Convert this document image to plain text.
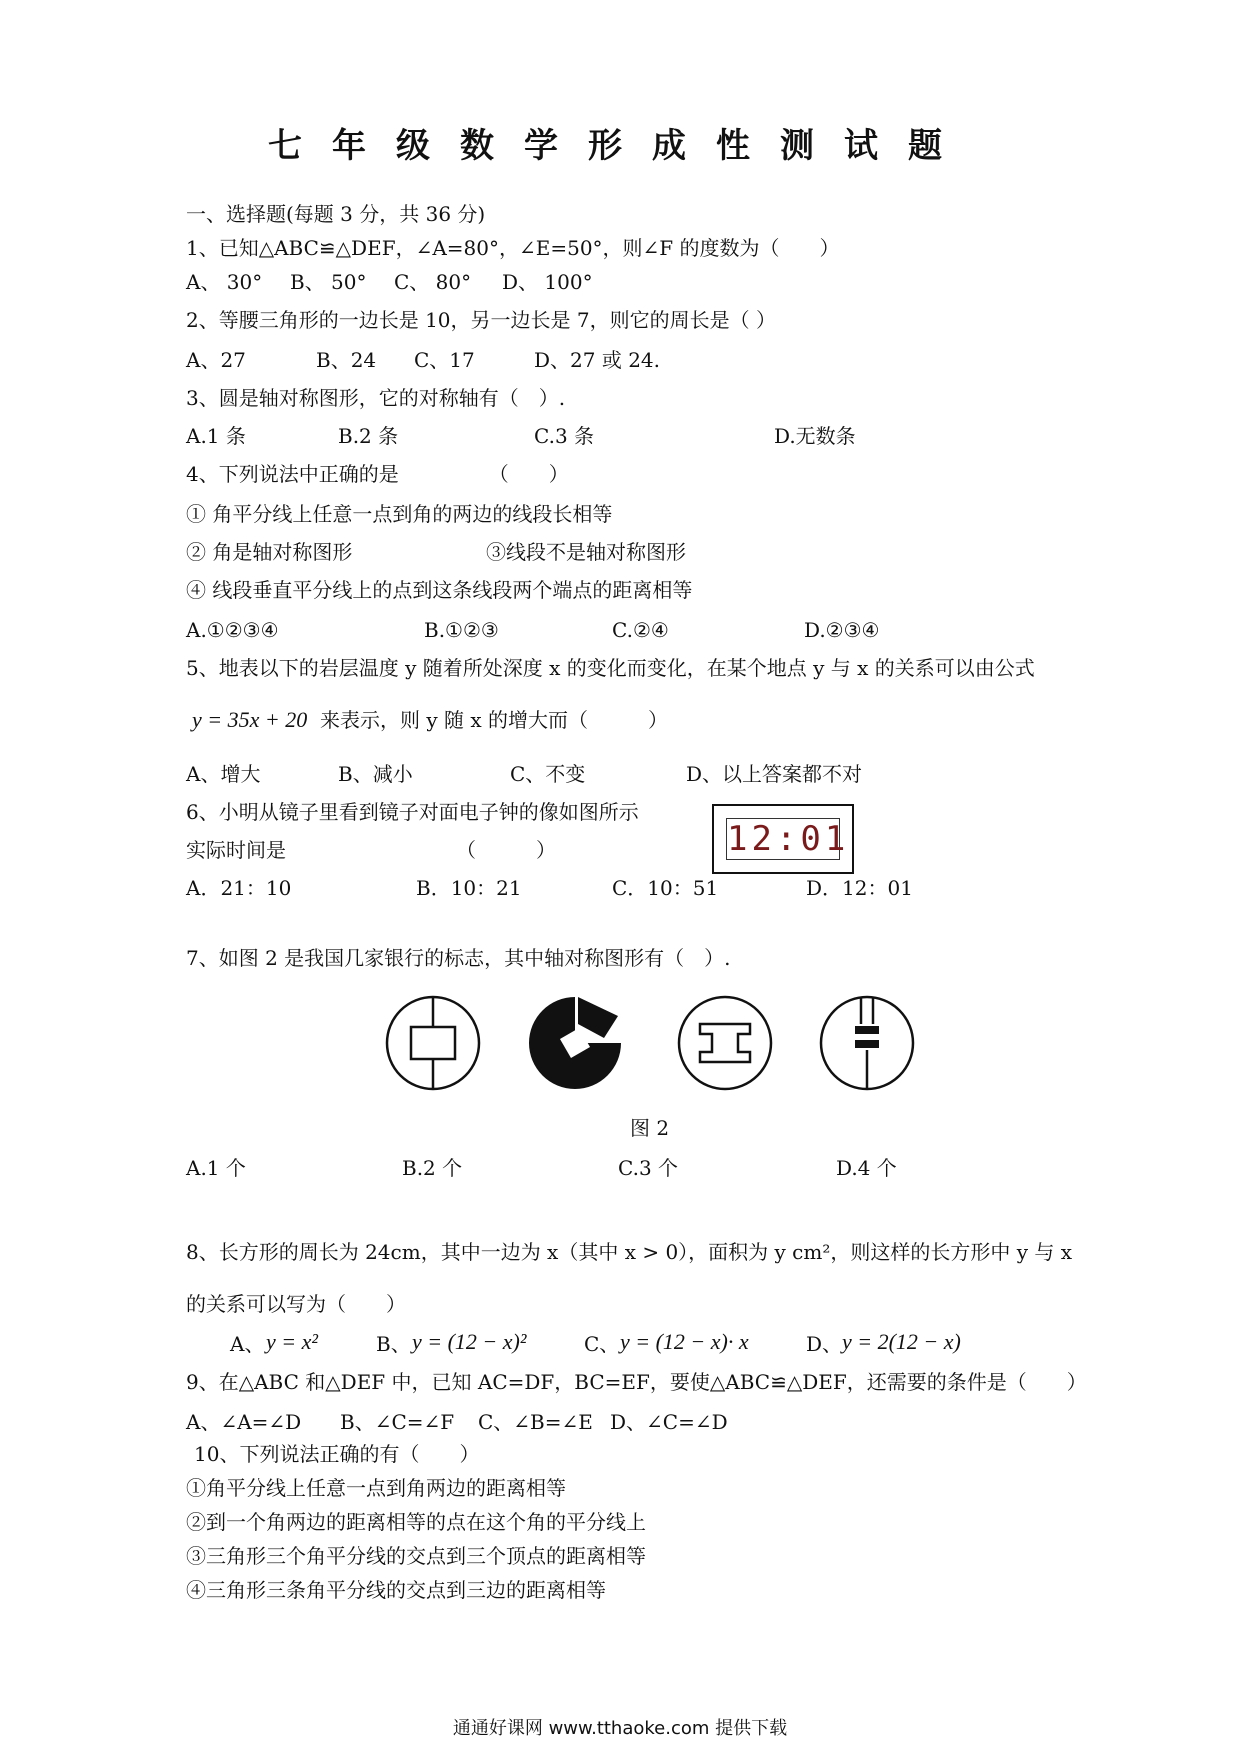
七年级数学形成性测试题
一、选择题(每题 3 分，共 36 分)
1、已知△ABC≌△DEF，∠A=80°，∠E=50°，则∠F 的度数为（　　）
A、 30° B、 50° C、 80° D、 100°
2、等腰三角形的一边长是 10，另一边长是 7，则它的周长是（ ）
A、27	B、24 C、17	D、27 或 24.
3、圆是轴对称图形，它的对称轴有（　）.
A.1 条	B.2 条	C.3 条	D.无数条
4、下列说法中正确的是　　　　　（　　）
① 角平分线上任意一点到角的两边的线段长相等
② 角是轴对称图形	③线段不是轴对称图形
④ 线段垂直平分线上的点到这条线段两个端点的距离相等
A.①②③④	B.①②③	C.②④	D.②③④
5、地表以下的岩层温度 y 随着所处深度 x 的变化而变化，在某个地点 y 与 x 的关系可以由公式
y = 35x + 20 来表示，则 y 随 x 的增大而（　　　）
A、增大	B、减小	C、不变	D、以上答案都不对
6、小明从镜子里看到镜子对面电子钟的像如图所示
实际时间是　　　　　　　　　（　　　）	12:01
A．21：10	B．10：21	C．10：51	D．12：01
7、如图 2 是我国几家银行的标志，其中轴对称图形有（　）.
图 2
A.1 个	B.2 个	C.3 个	D.4 个
8、长方形的周长为 24cm，其中一边为 x（其中 x > 0），面积为 y cm²，则这样的长方形中 y 与 x
的关系可以写为（　　）
A、 y = x²	B、 y = (12 − x)²	C、 y = (12 − x)· x	D、 y = 2(12 − x)
9、在△ABC 和△DEF 中，已知 AC=DF，BC=EF，要使△ABC≌△DEF，还需要的条件是（　　）
A、∠A=∠D B、∠C=∠F C、∠B=∠E D、∠C=∠D
10、下列说法正确的有（　　）
①角平分线上任意一点到角两边的距离相等
②到一个角两边的距离相等的点在这个角的平分线上
③三角形三个角平分线的交点到三个顶点的距离相等
④三角形三条角平分线的交点到三边的距离相等
通通好课网 www.tthaoke.com 提供下载
